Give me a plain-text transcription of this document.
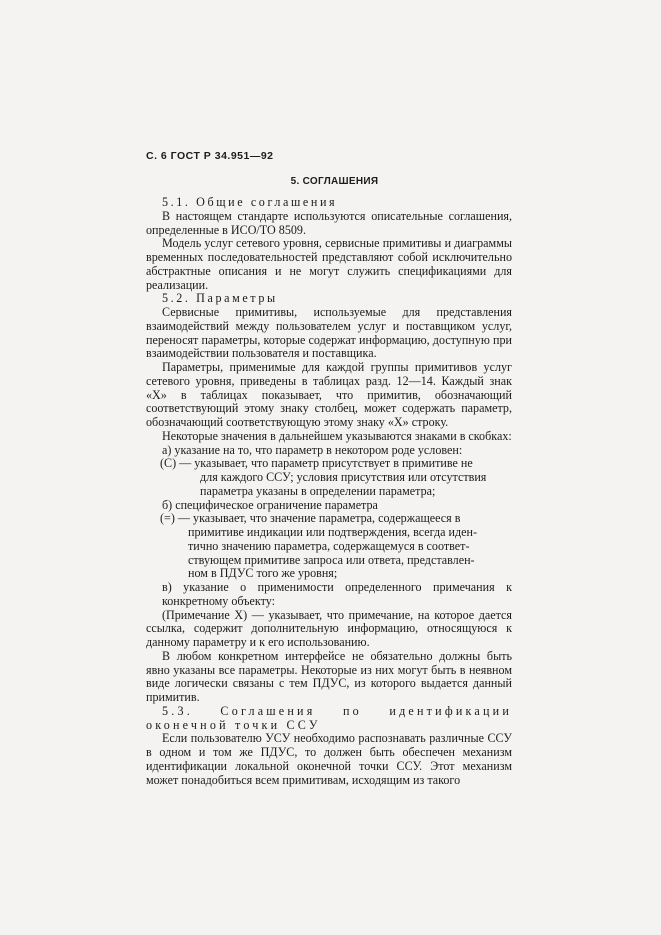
С. 6 ГОСТ Р 34.951—92
5. СОГЛАШЕНИЯ

5.1. Общие соглашения

В настоящем стандарте используются описательные соглашения, определенные в ИСО/ТО 8509.

Модель услуг сетевого уровня, сервисные примитивы и диаграммы временных последовательностей представляют собой исключительно абстрактные описания и не могут служить спецификациями для реализации.

5.2. Параметры

Сервисные примитивы, используемые для представления взаимодействий между пользователем услуг и поставщиком услуг, переносят параметры, которые содержат информацию, доступную при взаимодействии пользователя и поставщика.

Параметры, применимые для каждой группы примитивов услуг сетевого уровня, приведены в таблицах разд. 12—14. Каждый знак «X» в таблицах показывает, что примитив, обозначающий соответствующий этому знаку столбец, может содержать параметр, обозначающий соответствующую этому знаку «X» строку.

Некоторые значения в дальнейшем указываются знаками в скобках:

а) указание на то, что параметр в некотором роде условен:

(С) — указывает, что параметр присутствует в примитиве не

для каждого ССУ; условия присутствия или отсутствия

параметра указаны в определении параметра;

б) специфическое ограничение параметра

(=) — указывает, что значение параметра, содержащееся в

примитиве индикации или подтверждения, всегда иден-

тично значению параметра, содержащемуся в соответ-

ствующем примитиве запроса или ответа, представлен-

ном в ПДУС того же уровня;

в) указание о применимости определенного примечания к конкретному объекту:

(Примечание X) — указывает, что примечание, на которое дается ссылка, содержит дополнительную информацию, относящуюся к данному параметру и к его использованию.

В любом конкретном интерфейсе не обязательно должны быть явно указаны все параметры. Некоторые из них могут быть в неявном виде логически связаны с тем ПДУС, из которого выдается данный примитив.

5.3. Соглашения по идентификации оконечной точки ССУ

Если пользователю УСУ необходимо распознавать различные ССУ в одном и том же ПДУС, то должен быть обеспечен механизм идентификации локальной оконечной точки ССУ. Этот механизм может понадобиться всем примитивам, исходящим из такого
